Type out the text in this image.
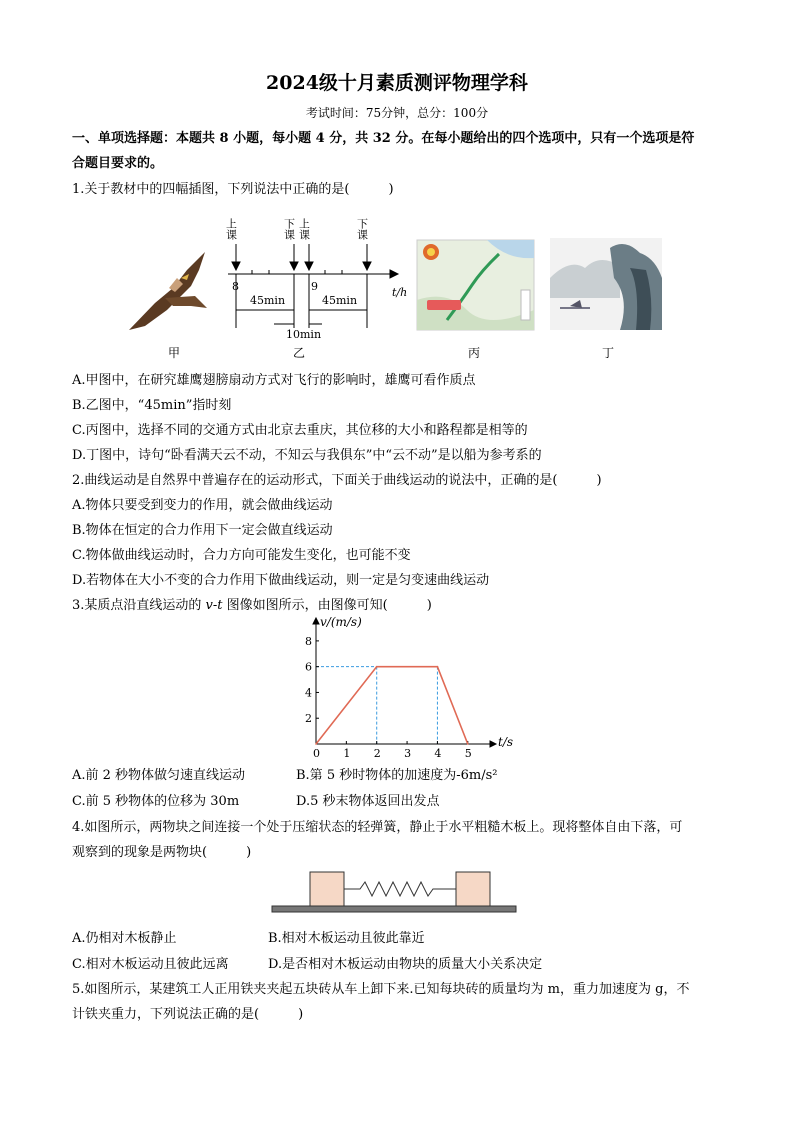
2024级十月素质测评物理学科
考试时间：75分钟，总分：100分
一、单项选择题：本题共 8 小题，每小题 4 分，共 32 分。在每小题给出的四个选项中，只有一个选项是符
合题目要求的。
1.关于教材中的四幅插图，下列说法中正确的是(　　　)
甲
上课	下课 上课	下课
8	9	t/h
45min	45min
10min
乙	丙	丁
A.甲图中，在研究雄鹰翅膀扇动方式对飞行的影响时，雄鹰可看作质点
B.乙图中，“45min”指时刻
C.丙图中，选择不同的交通方式由北京去重庆，其位移的大小和路程都是相等的
D.丁图中，诗句“卧看满天云不动，不知云与我俱东”中“云不动”是以船为参考系的
2.曲线运动是自然界中普遍存在的运动形式，下面关于曲线运动的说法中，正确的是(　　　)
A.物体只要受到变力的作用，就会做曲线运动
B.物体在恒定的合力作用下一定会做直线运动
C.物体做曲线运动时，合力方向可能发生变化，也可能不变
D.若物体在大小不变的合力作用下做曲线运动，则一定是匀变速曲线运动
3.某质点沿直线运动的 v-t 图像如图所示，由图像可知(　　　)
0 1 2 3 4 5
2
4
6
8
v/(m/s)
t/s
A.前 2 秒物体做匀速直线运动	B.第 5 秒时物体的加速度为-6m/s²
C.前 5 秒物体的位移为 30m	D.5 秒末物体返回出发点
4.如图所示，两物块之间连接一个处于压缩状态的轻弹簧，静止于水平粗糙木板上。现将整体自由下落，可
观察到的现象是两物块(　　　)
A.仍相对木板静止	B.相对木板运动且彼此靠近
C.相对木板运动且彼此远离	D.是否相对木板运动由物块的质量大小关系决定
5.如图所示，某建筑工人正用铁夹夹起五块砖从车上卸下来.已知每块砖的质量均为 m，重力加速度为 g，不
计铁夹重力，下列说法正确的是(　　　)
